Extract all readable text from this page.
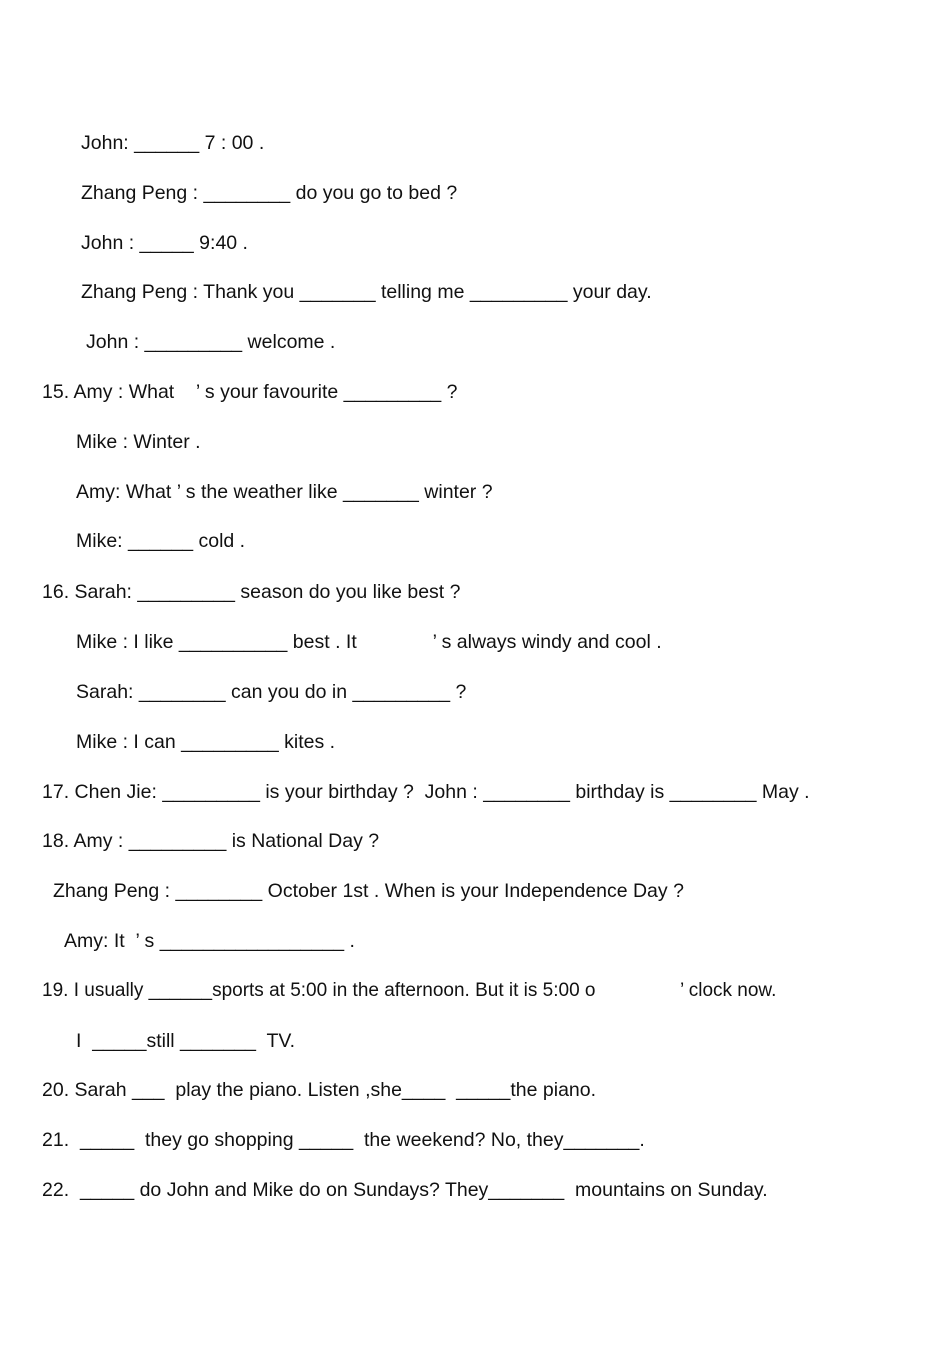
John: ______ 7 : 00 .

Zhang Peng : ________ do you go to bed ?

John : _____ 9:40 .

Zhang Peng : Thank you _______ telling me _________ your day.

John : _________ welcome .

15. Amy : What    ’ s your favourite _________ ?

Mike : Winter .

Amy: What ’ s the weather like _______ winter ?

Mike: ______ cold .

16. Sarah: _________ season do you like best ?

Mike : I like __________ best . It              ’ s always windy and cool .

Sarah: ________ can you do in _________ ?

Mike : I can _________ kites .

17. Chen Jie: _________ is your birthday ?  John : ________ birthday is ________ May .

18. Amy : _________ is National Day ?

Zhang Peng : ________ October 1st . When is your Independence Day ?

Amy: It  ’ s _________________ .

19. I usually ______sports at 5:00 in the afternoon. But it is 5:00 o                ’ clock now.

I  _____still _______  TV.

20. Sarah ___  play the piano. Listen ,she____  _____the piano.

21.  _____  they go shopping _____  the weekend? No, they_______.

22.  _____ do John and Mike do on Sundays? They_______  mountains on Sunday.
